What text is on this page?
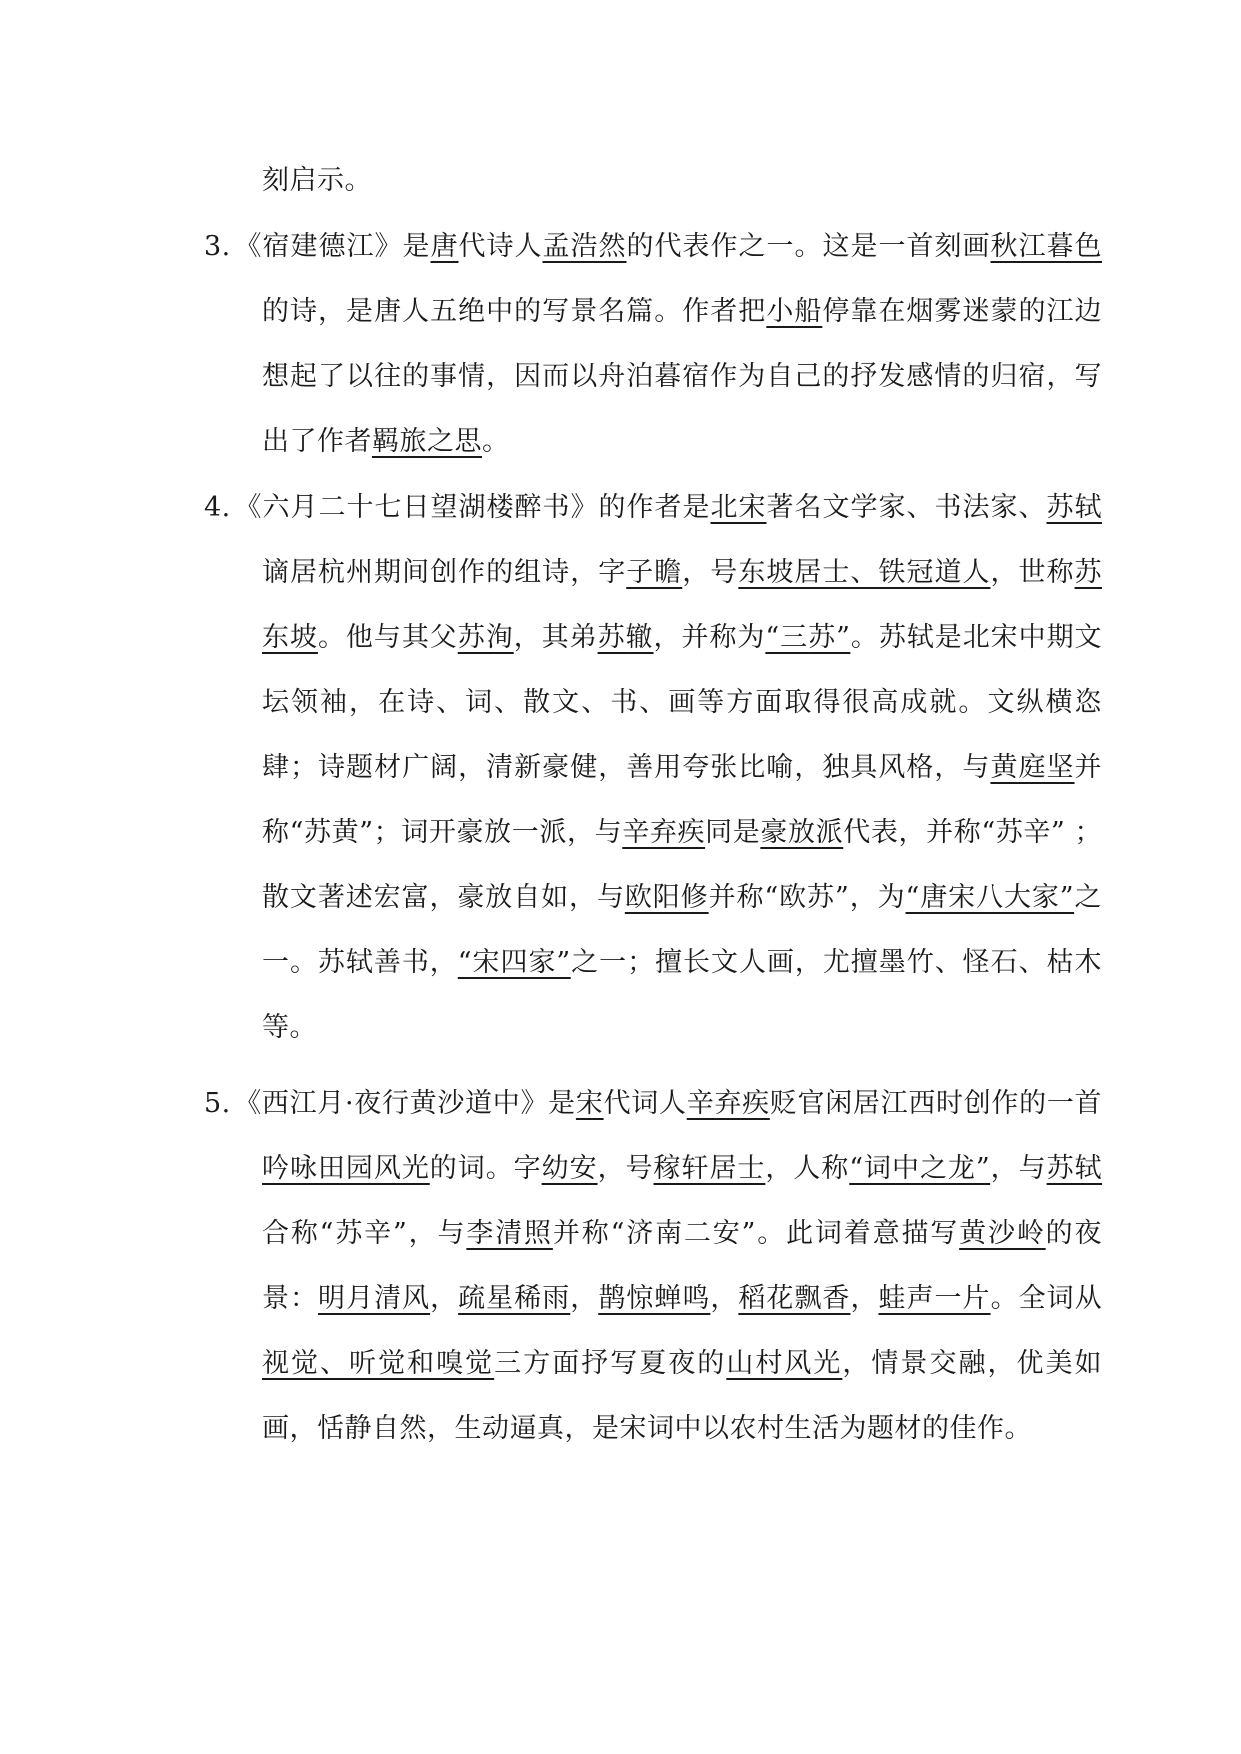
刻启示。

3. 《宿建德江》是唐代诗人孟浩然的代表作之一。这是一首刻画秋江暮色的诗，是唐人五绝中的写景名篇。作者把小船停靠在烟雾迷蒙的江边想起了以往的事情，因而以舟泊暮宿作为自己的抒发感情的归宿，写出了作者羁旅之思。

4. 《六月二十七日望湖楼醉书》的作者是北宋著名文学家、书法家、苏轼谪居杭州期间创作的组诗，字子瞻，号东坡居士、铁冠道人，世称苏东坡。他与其父苏洵，其弟苏辙，并称为“三苏”。苏轼是北宋中期文坛领袖，在诗、词、散文、书、画等方面取得很高成就。文纵横恣肆；诗题材广阔，清新豪健，善用夸张比喻，独具风格，与黄庭坚并称“苏黄”；词开豪放一派，与辛弃疾同是豪放派代表，并称“苏辛” ；散文著述宏富，豪放自如，与欧阳修并称“欧苏”，为“唐宋八大家”之一。苏轼善书，“宋四家”之一；擅长文人画，尤擅墨竹、怪石、枯木等。

5. 《西江月·夜行黄沙道中》是宋代词人辛弃疾贬官闲居江西时创作的一首吟咏田园风光的词。字幼安，号稼轩居士，人称“词中之龙”，与苏轼合称“苏辛”，与李清照并称“济南二安”。此词着意描写黄沙岭的夜景：明月清风，疏星稀雨，鹊惊蝉鸣，稻花飘香，蛙声一片。全词从视觉、听觉和嗅觉三方面抒写夏夜的山村风光，情景交融，优美如画，恬静自然，生动逼真，是宋词中以农村生活为题材的佳作。
